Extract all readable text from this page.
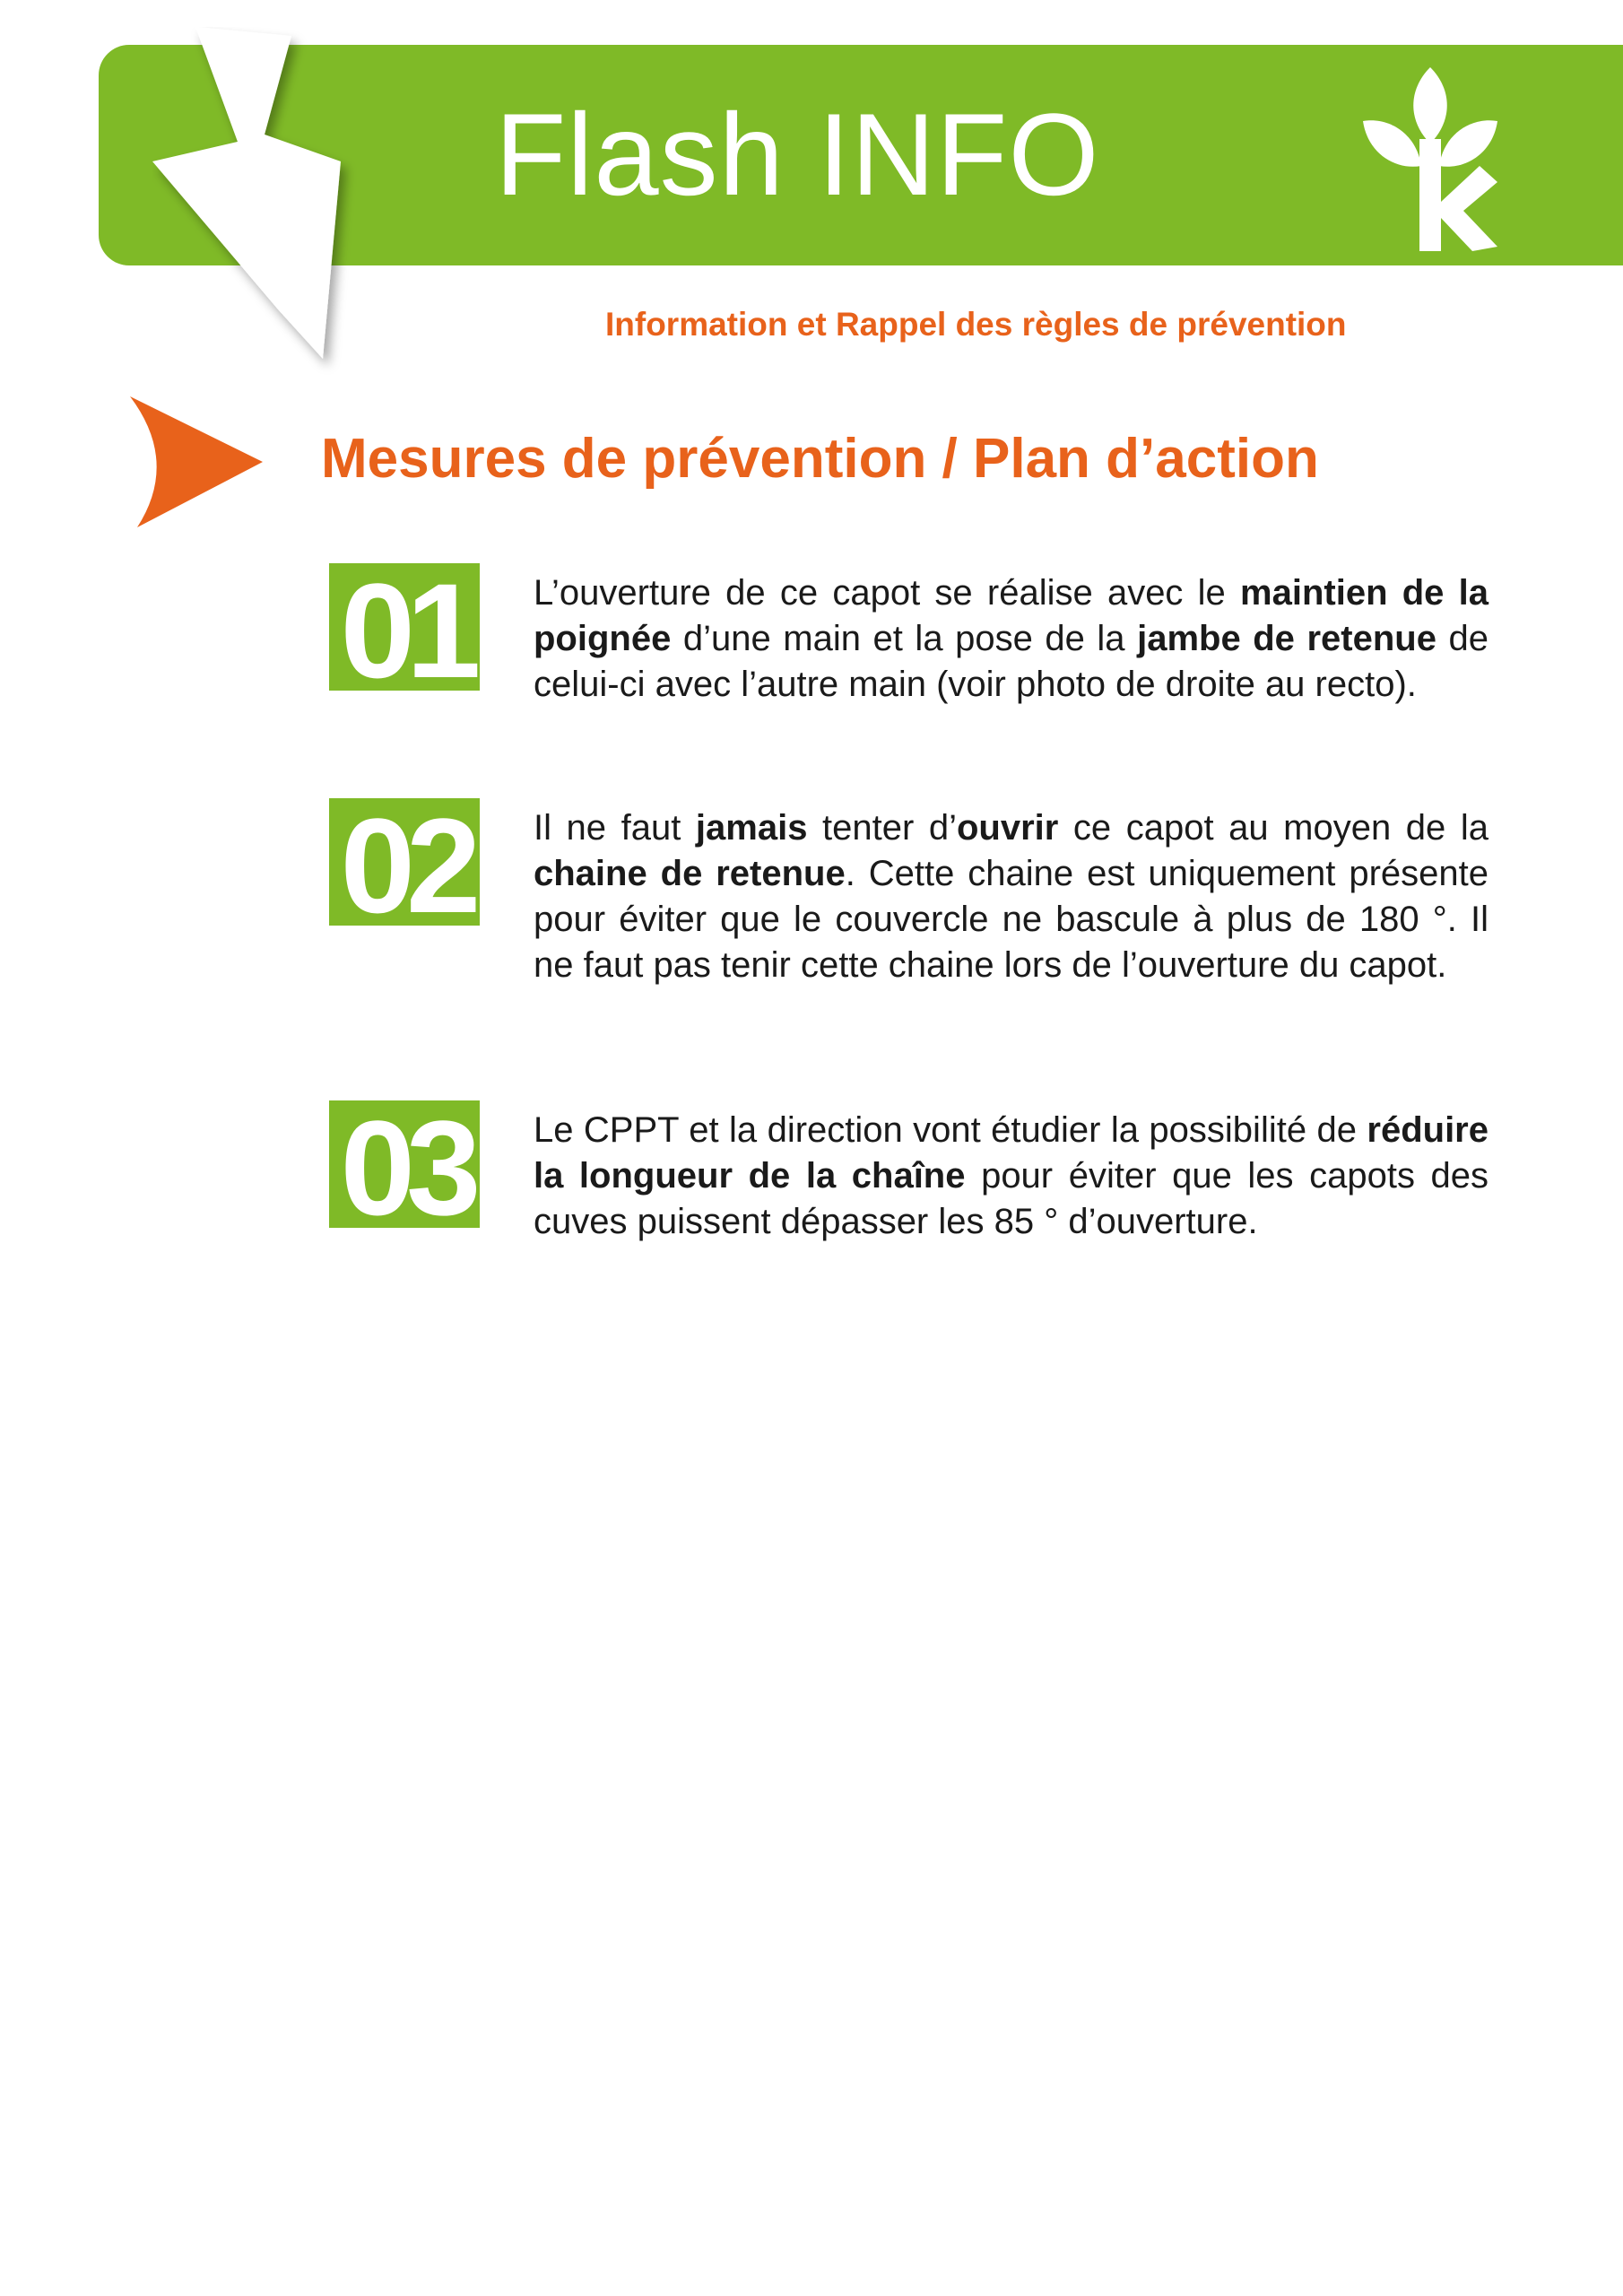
Flash INFO
Information et Rappel des règles de prévention
Mesures de prévention / Plan d’action
01	L’ouverture de ce capot se réalise avec le maintien de la poignée d’une main et la pose de la jambe de retenue de celui-ci avec l’autre main (voir photo de droite au recto).

02	Il ne faut jamais tenter d’ouvrir ce capot au moyen de la chaine de retenue. Cette chaine est uniquement présente pour éviter que le couvercle ne bascule à plus de 180 °. Il ne faut pas tenir cette chaine lors de l’ouverture du capot.

03	Le CPPT et la direction vont étudier la possibilité de réduire la longueur de la chaîne pour éviter que les capots des cuves puissent dépasser les 85 ° d’ouverture.
